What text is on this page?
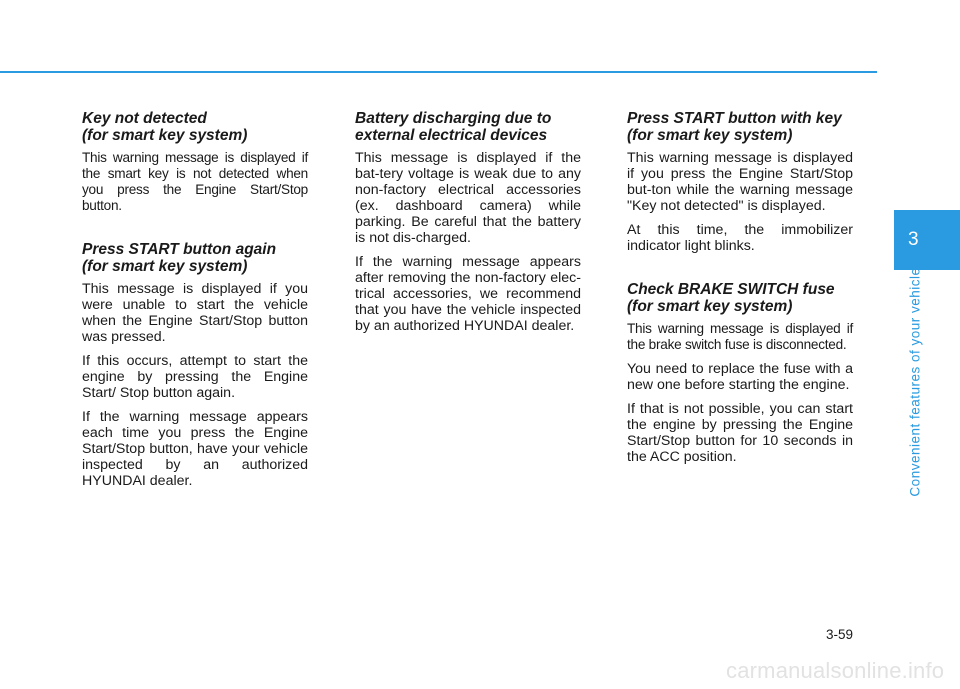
Key not detected
(for smart key system)

This warning message is displayed if the smart key is not detected when you press the Engine Start/Stop button.

Press START button again
(for smart key system)

This message is displayed if you were unable to start the vehicle when the Engine Start/Stop button was pressed.

If this occurs, attempt to start the engine by pressing the Engine Start/ Stop button again.

If the warning message appears each time you press the Engine Start/Stop button, have your vehicle inspected by an authorized HYUNDAI dealer.

Battery discharging due to
external electrical devices

This message is displayed if the bat-tery voltage is weak due to any non-factory electrical accessories (ex. dashboard camera) while parking. Be careful that the battery is not dis-charged.

If the warning message appears after removing the non-factory elec-trical accessories, we recommend that you have the vehicle inspected by an authorized HYUNDAI dealer.

Press START button with key
(for smart key system)

This warning message is displayed if you press the Engine Start/Stop but-ton while the warning message "Key not detected" is displayed.

At this time, the immobilizer indicator light blinks.

Check BRAKE SWITCH fuse
(for smart key system)

This warning message is displayed if the brake switch fuse is disconnected.

You need to replace the fuse with a new one before starting the engine.

If that is not possible, you can start the engine by pressing the Engine Start/Stop button for 10 seconds in the ACC position.

3
Convenient features of your vehicle
3-59
carmanualsonline.info
